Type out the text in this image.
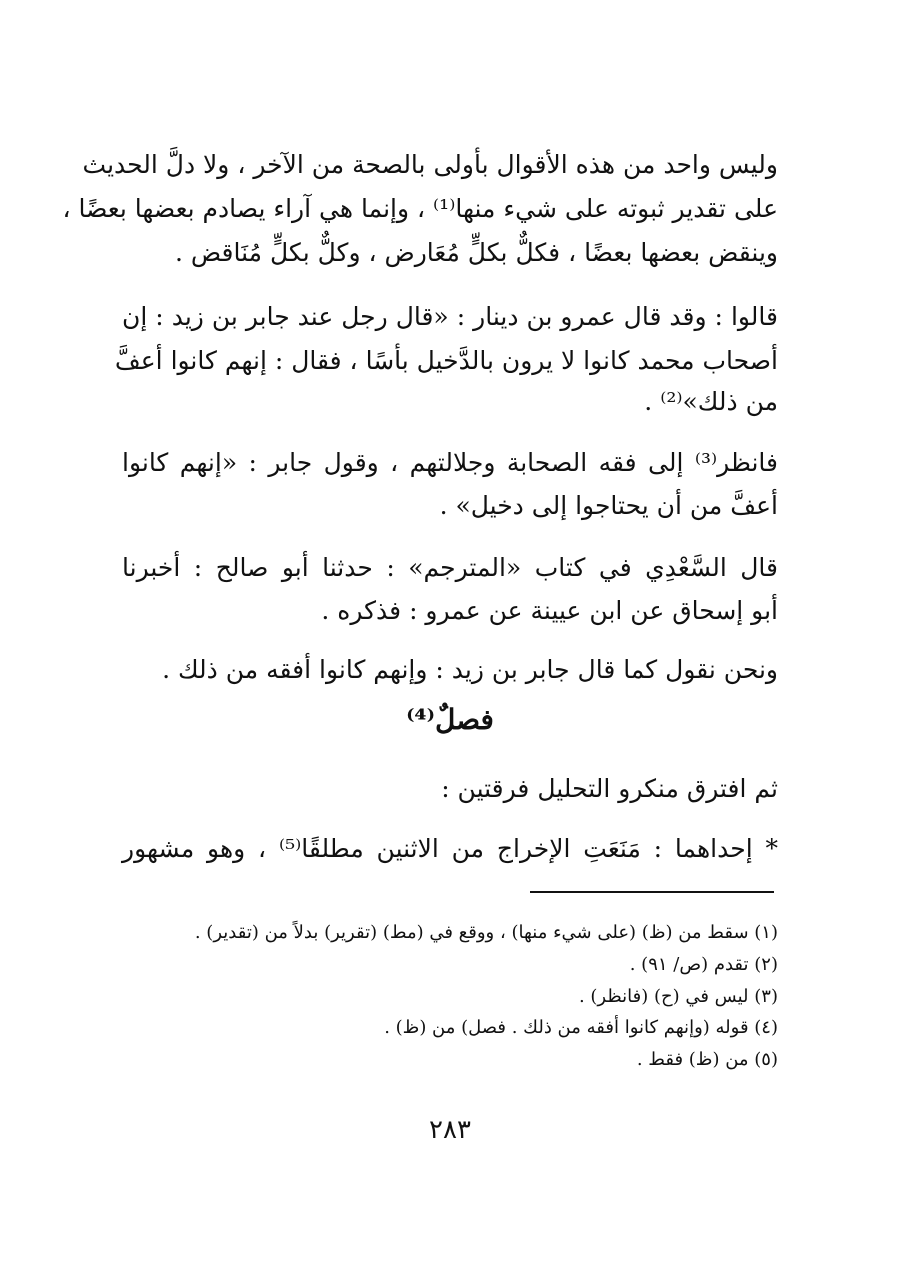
وليس واحد من هذه الأقوال بأولى بالصحة من الآخر ، ولا دلَّ الحديث
على تقدير ثبوته على شيء منها⁽¹⁾ ، وإنما هي آراء يصادم بعضها بعضًا ،
وينقض بعضها بعضًا ، فكلٌّ بكلٍّ مُعَارض ، وكلٌّ بكلٍّ مُنَاقض .
قالوا : وقد قال عمرو بن دينار : «قال رجل عند جابر بن زيد : إن
أصحاب محمد كانوا لا يرون بالدَّخيل بأسًا ، فقال : إنهم كانوا أعفَّ
من ذلك»⁽²⁾ .
فانظر⁽³⁾ إلى فقه الصحابة وجلالتهم ، وقول جابر : «إنهم كانوا
أعفَّ من أن يحتاجوا إلى دخيل» .
قال السَّعْدِي في كتاب «المترجم» : حدثنا أبو صالح : أخبرنا
أبو إسحاق عن ابن عيينة عن عمرو : فذكره .
ونحن نقول كما قال جابر بن زيد : وإنهم كانوا أفقه من ذلك .
فصلٌ⁽⁴⁾
ثم افترق منكرو التحليل فرقتين :
* إحداهما : مَنَعَتِ الإخراج من الاثنين مطلقًا⁽⁵⁾ ، وهو مشهور
(١) سقط من (ظ) (على شيء منها) ، ووقع في (مط) (تقرير) بدلاً من (تقدير) .
(٢) تقدم (ص/ ٩١) .
(٣) ليس في (ح) (فانظر) .
(٤) قوله (وإنهم كانوا أفقه من ذلك . فصل) من (ظ) .
(٥) من (ظ) فقط .
٢٨٣
